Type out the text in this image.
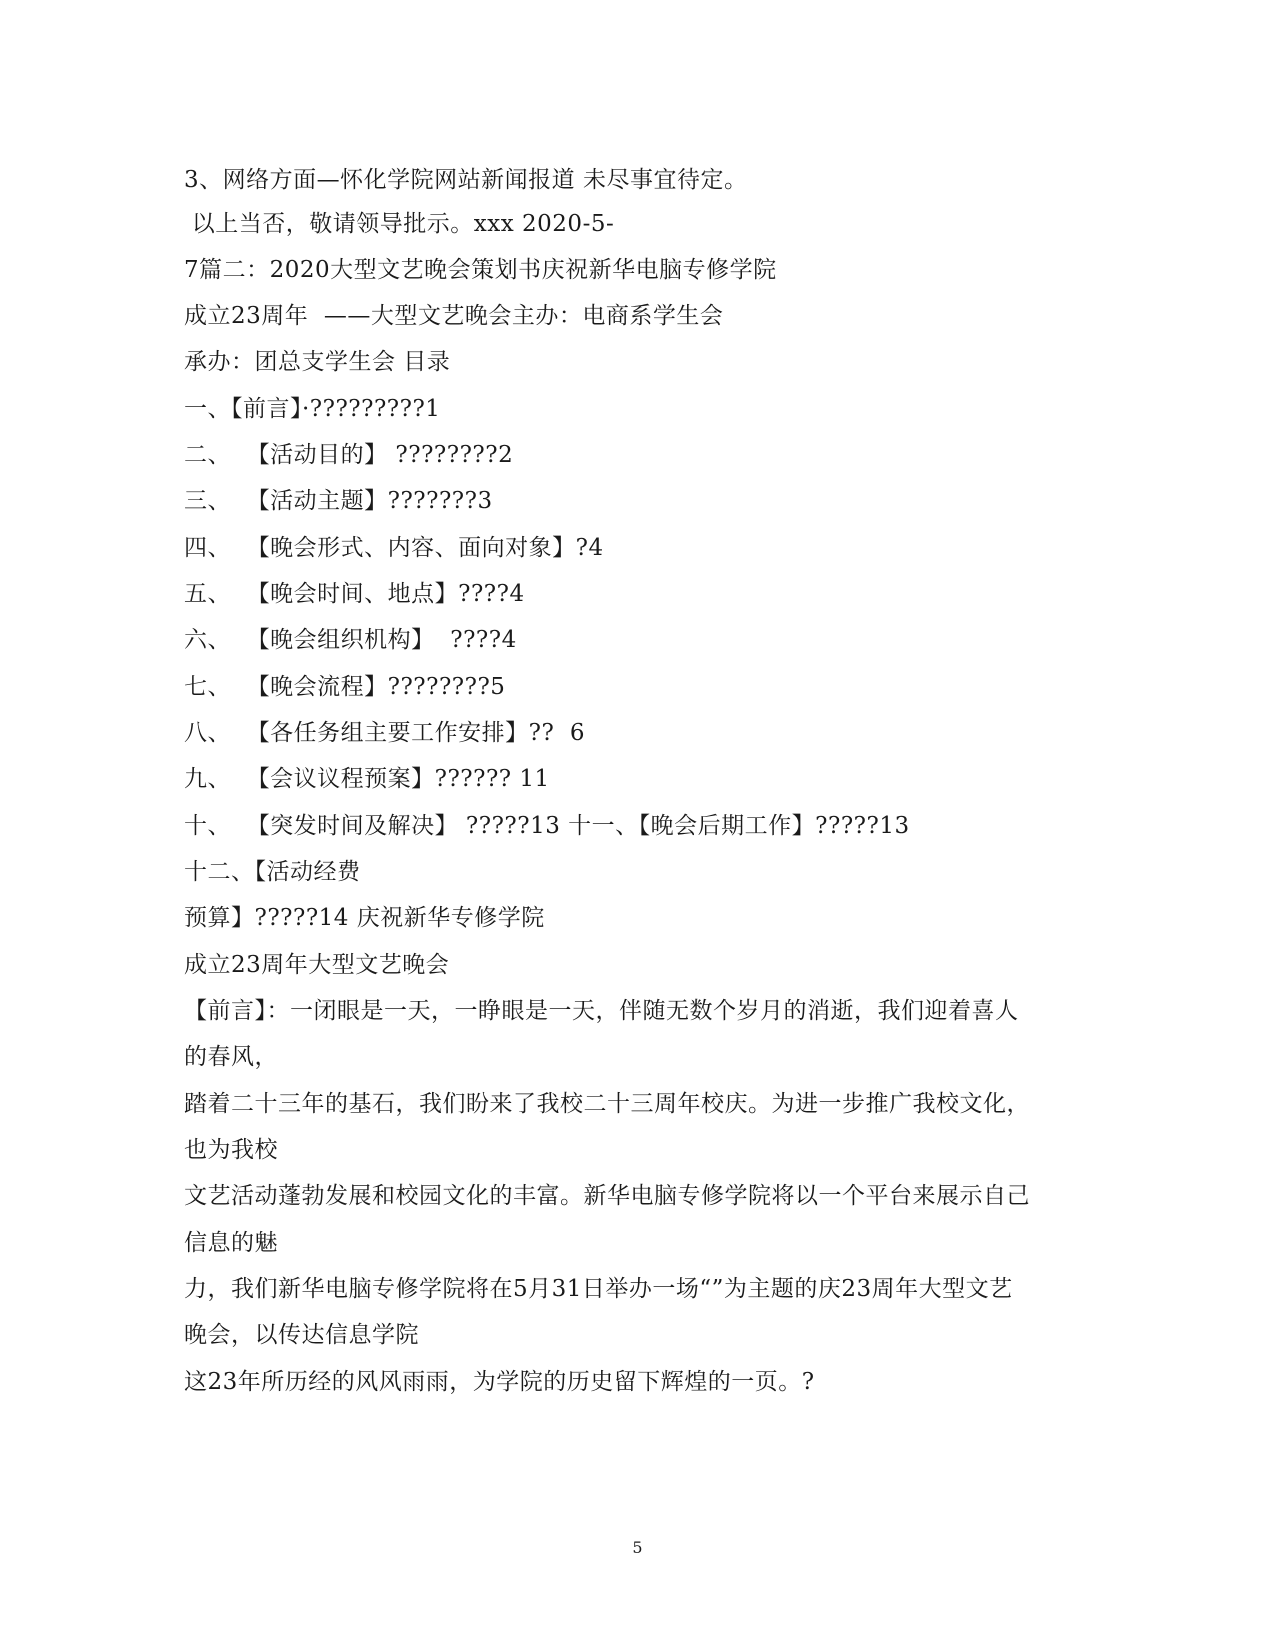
3、网络方面—怀化学院网站新闻报道 未尽事宜待定。
以上当否，敬请领导批示。xxx 2020-5-
7篇二：2020大型文艺晚会策划书庆祝新华电脑专修学院
成立23周年  ——大型文艺晚会主办：电商系学生会
承办：团总支学生会 目录
一、【前言】·?????????1
二、  【活动目的】 ????????2
三、  【活动主题】???????3
四、  【晚会形式、内容、面向对象】?4
五、  【晚会时间、地点】????4
六、  【晚会组织机构】  ????4
七、  【晚会流程】????????5
八、  【各任务组主要工作安排】??  6
九、  【会议议程预案】?????? 11
十、  【突发时间及解决】 ?????13 十一、【晚会后期工作】?????13
十二、【活动经费
预算】?????14 庆祝新华专修学院
成立23周年大型文艺晚会
【前言】：一闭眼是一天，一睁眼是一天，伴随无数个岁月的消逝，我们迎着喜人
的春风，
踏着二十三年的基石，我们盼来了我校二十三周年校庆。为进一步推广我校文化，
也为我校
文艺活动蓬勃发展和校园文化的丰富。新华电脑专修学院将以一个平台来展示自己
信息的魅
力，我们新华电脑专修学院将在5月31日举办一场“”为主题的庆23周年大型文艺
晚会，以传达信息学院
这23年所历经的风风雨雨，为学院的历史留下辉煌的一页。?
5
